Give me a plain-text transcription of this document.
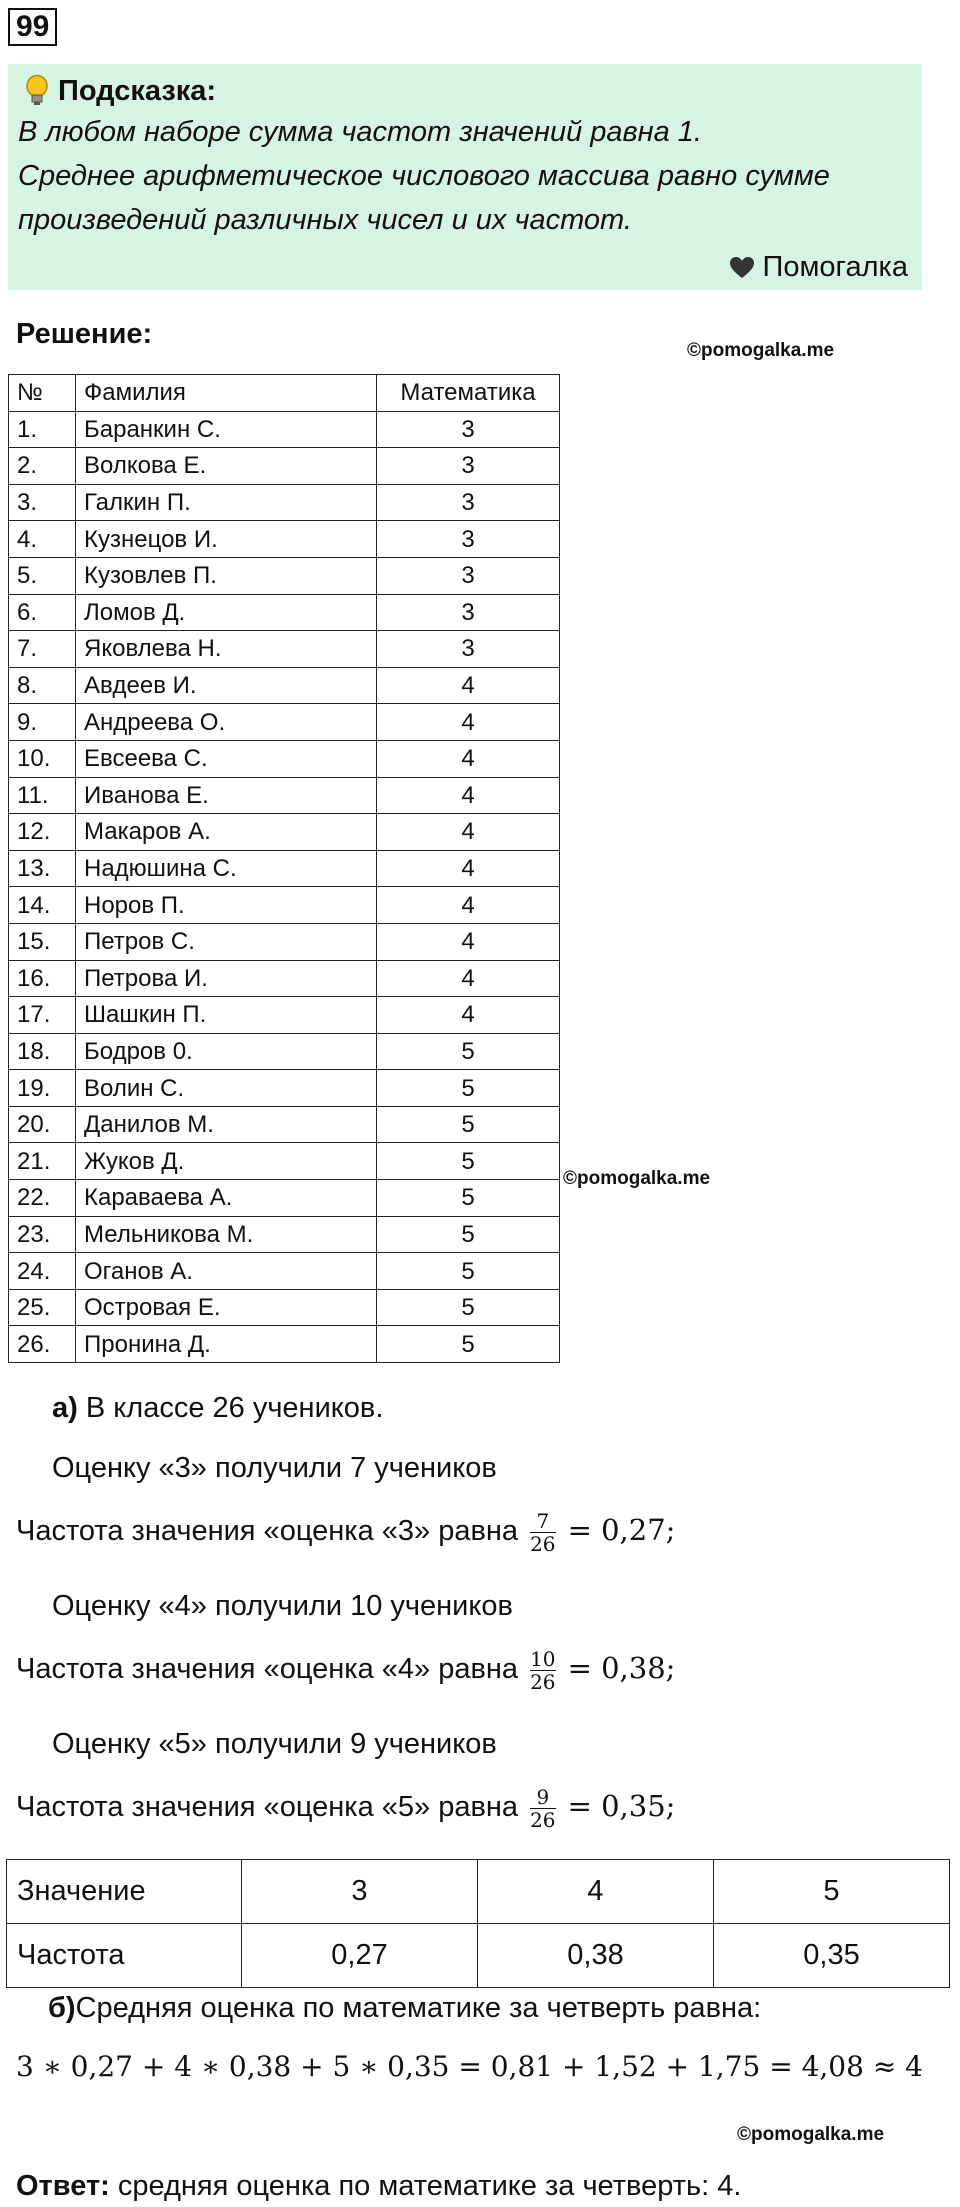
99
Подсказка:
В любом наборе сумма частот значений равна 1.
Среднее арифметическое числового массива равно сумме
произведений различных чисел и их частот.
Помогалка
Решение:
©pomogalka.me
©pomogalka.me
©pomogalka.me
№	Фамилия	Математика
1.	Баранкин С.	3
2.	Волкова Е.	3
3.	Галкин П.	3
4.	Кузнецов И.	3
5.	Кузовлев П.	3
6.	Ломов Д.	3
7.	Яковлева Н.	3
8.	Авдеев И.	4
9.	Андреева О.	4
10.	Евсеева С.	4
11.	Иванова Е.	4
12.	Макаров А.	4
13.	Надюшина С.	4
14.	Норов П.	4
15.	Петров С.	4
16.	Петрова И.	4
17.	Шашкин П.	4
18.	Бодров 0.	5
19.	Волин С.	5
20.	Данилов М.	5
21.	Жуков Д.	5
22.	Караваева А.	5
23.	Мельникова М.	5
24.	Оганов А.	5
25.	Островая Е.	5
26.	Пронина Д.	5
а) В классе 26 учеников.
Оценку «3» получили 7 учеников
Частота значения «оценка «3» равна $\frac{7}{26} = 0,27$;
Оценку «4» получили 10 учеников
Частота значения «оценка «4» равна $\frac{10}{26} = 0,38$;
Оценку «5» получили 9 учеников
Частота значения «оценка «5» равна $\frac{9}{26} = 0,35$;
Значение	3	4	5
Частота	0,27	0,38	0,35
б)Средняя оценка по математике за четверть равна:
3 ∗ 0,27 + 4 ∗ 0,38 + 5 ∗ 0,35 = 0,81 + 1,52 + 1,75 = 4,08 ≈ 4
Ответ: средняя оценка по математике за четверть: 4.
